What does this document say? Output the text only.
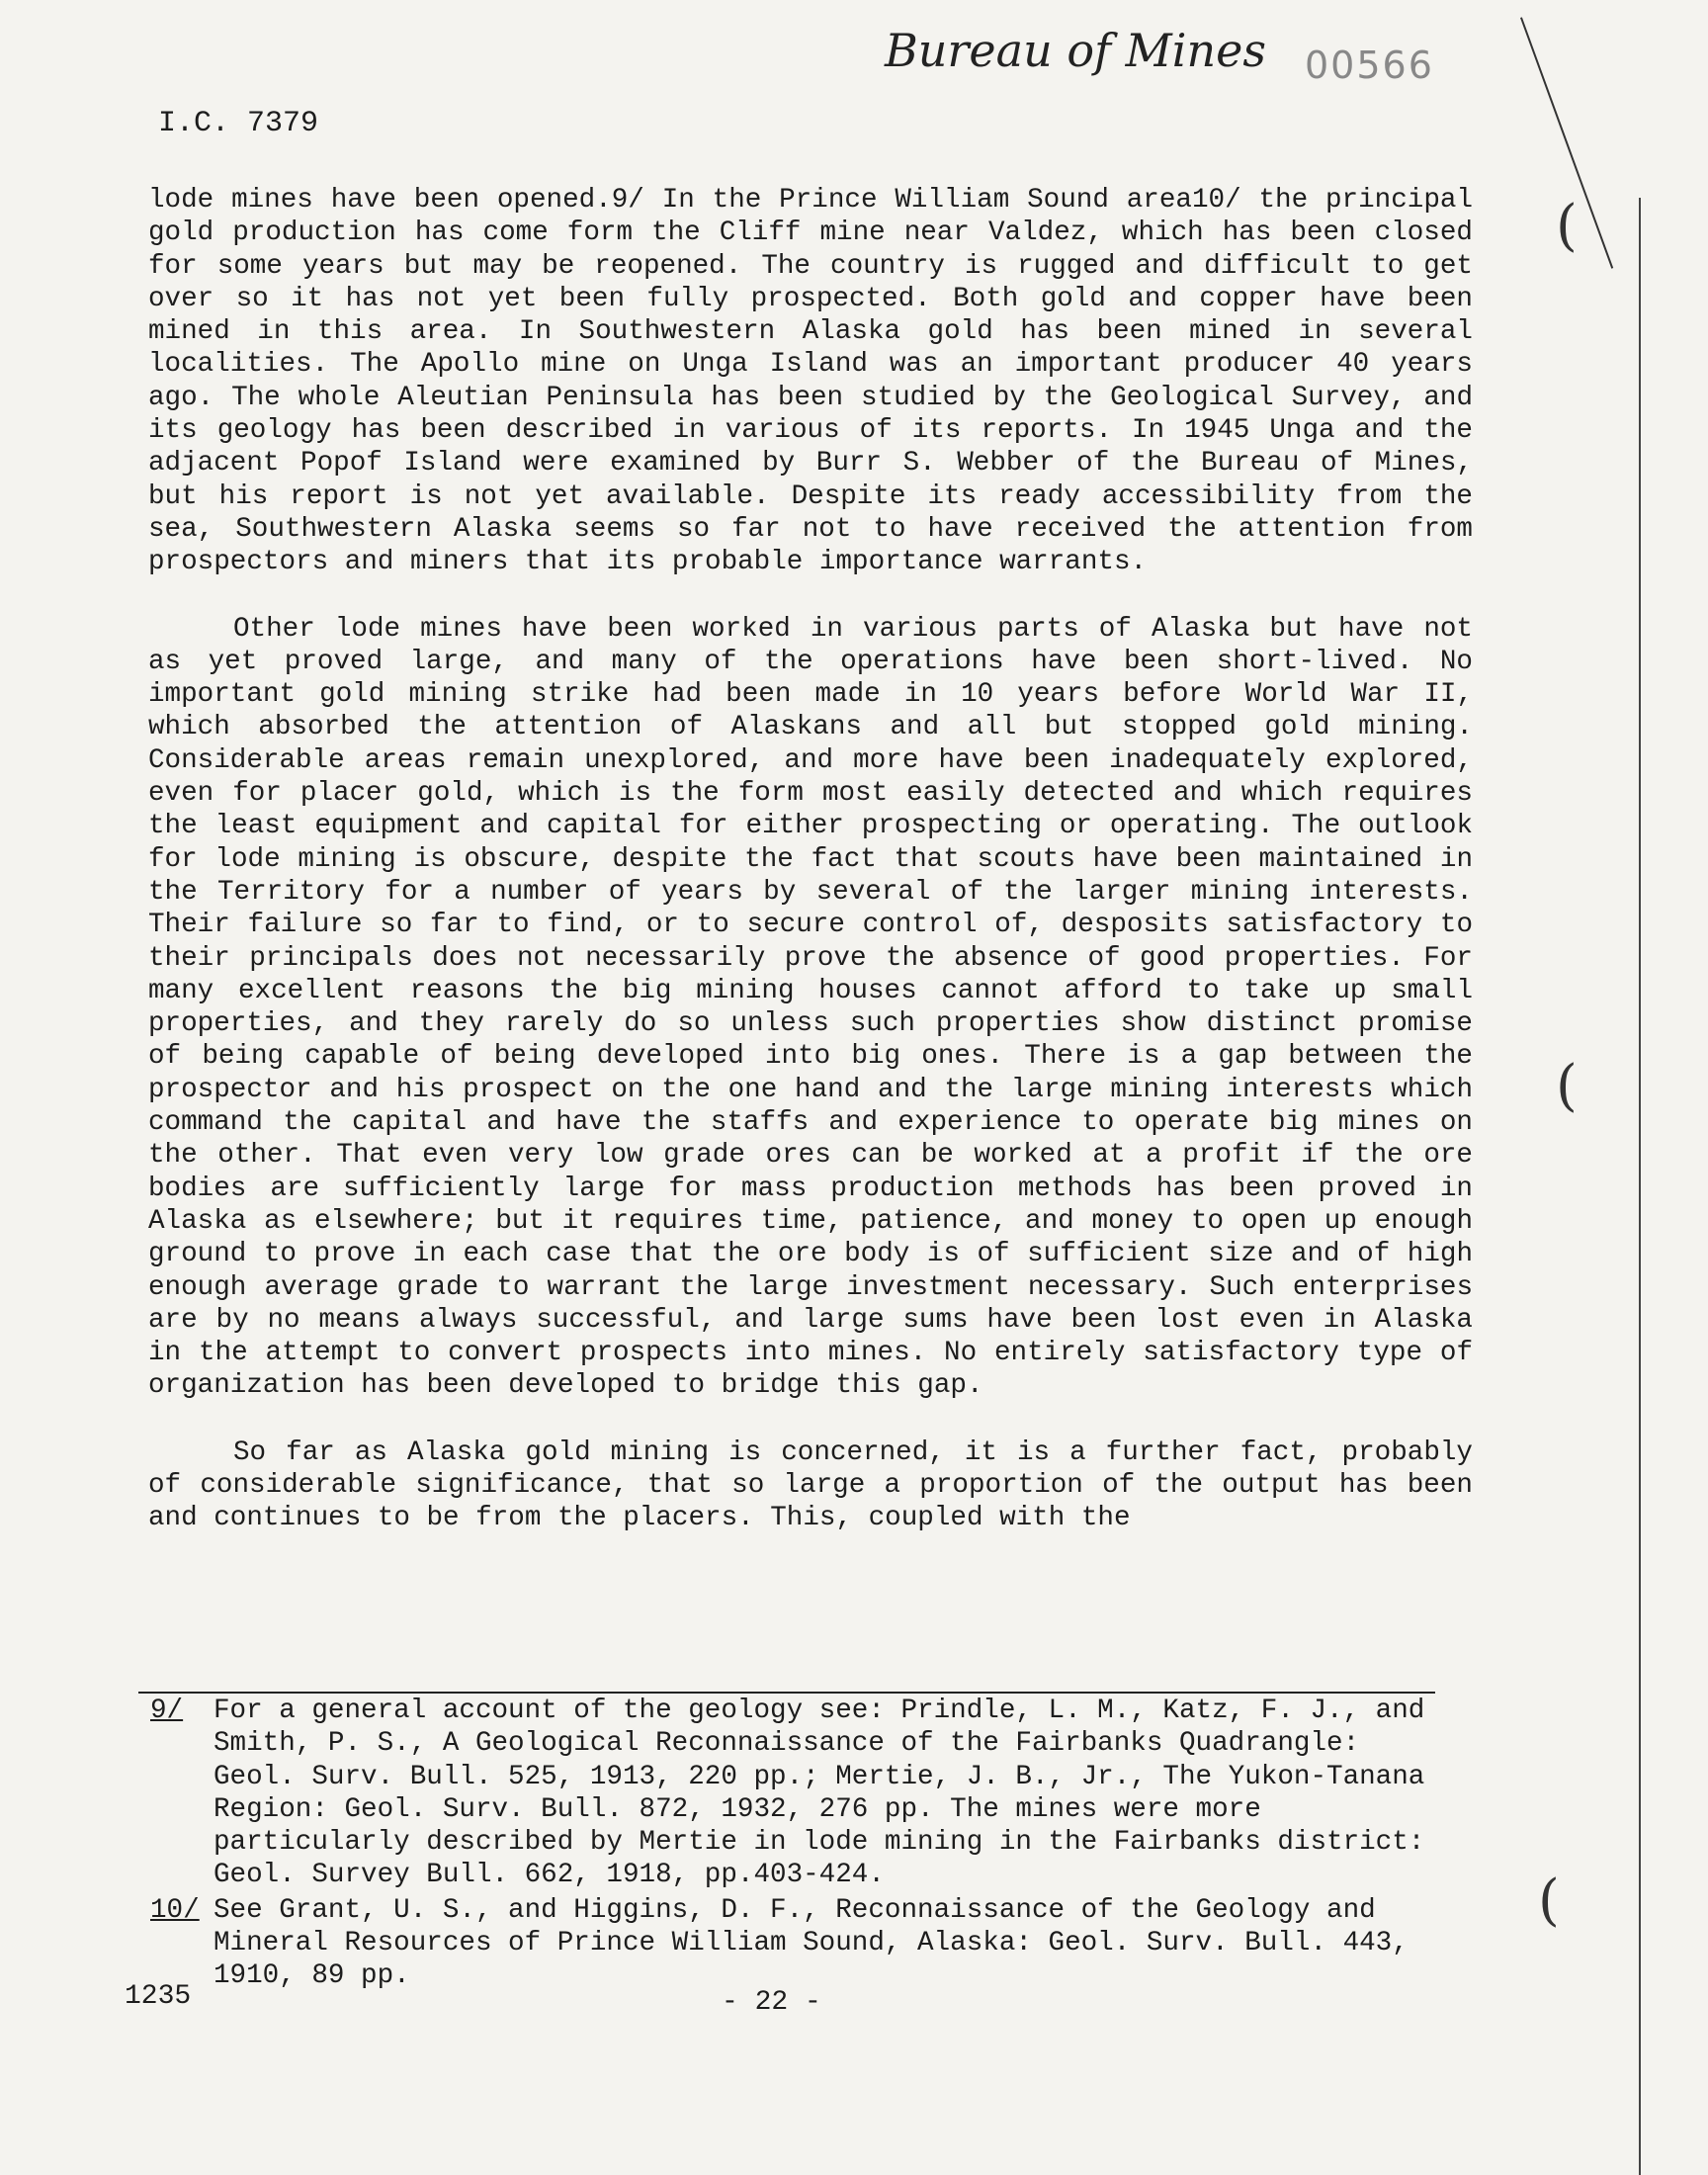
Bureau of Mines 00566
I.C. 7379

lode mines have been opened.9/ In the Prince William Sound area10/ the principal gold production has come form the Cliff mine near Valdez, which has been closed for some years but may be reopened. The country is rugged and difficult to get over so it has not yet been fully prospected. Both gold and copper have been mined in this area. In Southwestern Alaska gold has been mined in several localities. The Apollo mine on Unga Island was an important producer 40 years ago. The whole Aleutian Peninsula has been studied by the Geological Survey, and its geology has been described in various of its reports. In 1945 Unga and the adjacent Popof Island were examined by Burr S. Webber of the Bureau of Mines, but his report is not yet available. Despite its ready accessibility from the sea, Southwestern Alaska seems so far not to have received the attention from prospectors and miners that its probable importance warrants.

Other lode mines have been worked in various parts of Alaska but have not as yet proved large, and many of the operations have been short-lived. No important gold mining strike had been made in 10 years before World War II, which absorbed the attention of Alaskans and all but stopped gold mining. Considerable areas remain unexplored, and more have been inadequately explored, even for placer gold, which is the form most easily detected and which requires the least equipment and capital for either prospecting or operating. The outlook for lode mining is obscure, despite the fact that scouts have been maintained in the Territory for a number of years by several of the larger mining interests. Their failure so far to find, or to secure control of, desposits satisfactory to their principals does not necessarily prove the absence of good properties. For many excellent reasons the big mining houses cannot afford to take up small properties, and they rarely do so unless such properties show distinct promise of being capable of being developed into big ones. There is a gap between the prospector and his prospect on the one hand and the large mining interests which command the capital and have the staffs and experience to operate big mines on the other. That even very low grade ores can be worked at a profit if the ore bodies are sufficiently large for mass production methods has been proved in Alaska as elsewhere; but it requires time, patience, and money to open up enough ground to prove in each case that the ore body is of sufficient size and of high enough average grade to warrant the large investment necessary. Such enterprises are by no means always successful, and large sums have been lost even in Alaska in the attempt to convert prospects into mines. No entirely satisfactory type of organization has been developed to bridge this gap.

So far as Alaska gold mining is concerned, it is a further fact, probably of considerable significance, that so large a proportion of the output has been and continues to be from the placers. This, coupled with the

9/	For a general account of the geology see: Prindle, L. M., Katz, F. J., and Smith, P. S., A Geological Reconnaissance of the Fairbanks Quadrangle: Geol. Surv. Bull. 525, 1913, 220 pp.; Mertie, J. B., Jr., The Yukon-Tanana Region: Geol. Surv. Bull. 872, 1932, 276 pp. The mines were more particularly described by Mertie in lode mining in the Fairbanks district: Geol. Survey Bull. 662, 1918, pp.403-424.
10/ See Grant, U. S., and Higgins, D. F., Reconnaissance of the Geology and Mineral Resources of Prince William Sound, Alaska: Geol. Surv. Bull. 443, 1910, 89 pp.
1235	- 22 -
(
(
(
